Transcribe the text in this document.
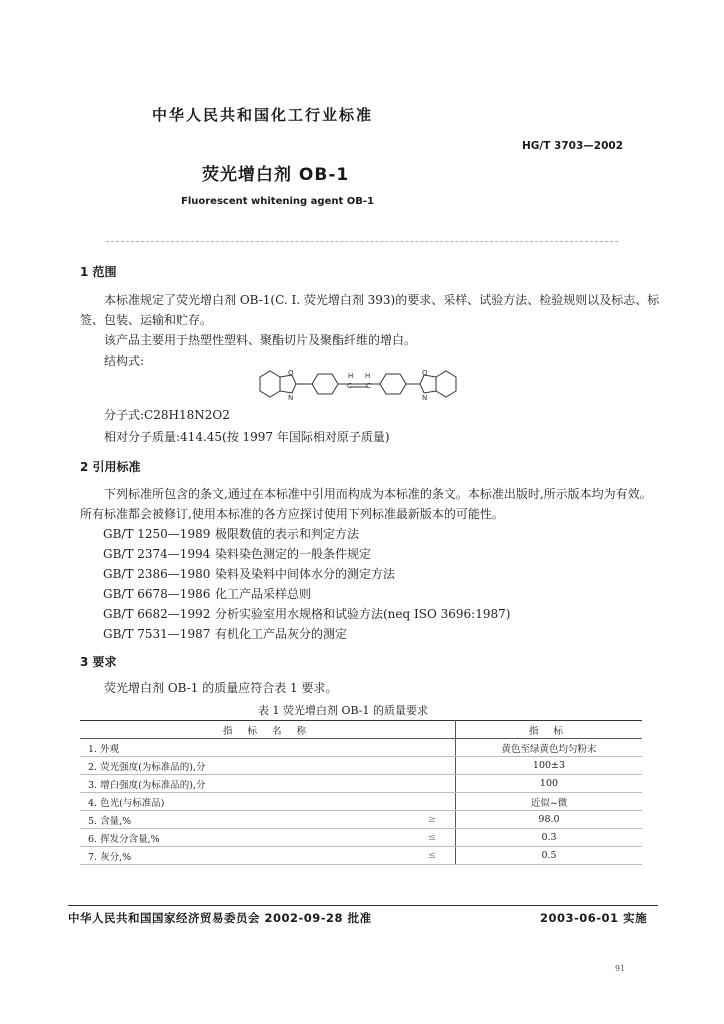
中华人民共和国化工行业标准
HG/T 3703—2002
荧光增白剂 OB-1
Fluorescent whitening agent OB-1
1 范围
本标准规定了荧光增白剂 OB-1(C. I. 荧光增白剂 393)的要求、采样、试验方法、检验规则以及标志、标签、包装、运输和贮存。
该产品主要用于热塑性塑料、聚酯切片及聚酯纤维的增白。
结构式:
O
N
H H
C C
O
N
分子式:C28H18N2O2
相对分子质量:414.45(按 1997 年国际相对原子质量)
2 引用标准
下列标准所包含的条文,通过在本标准中引用而构成为本标准的条文。本标准出版时,所示版本均为有效。所有标准都会被修订,使用本标准的各方应探讨使用下列标准最新版本的可能性。
GB/T 1250—1989 极限数值的表示和判定方法
GB/T 2374—1994 染料染色测定的一般条件规定
GB/T 2386—1980 染料及染料中间体水分的测定方法
GB/T 6678—1986 化工产品采样总则
GB/T 6682—1992 分析实验室用水规格和试验方法(neq ISO 3696:1987)
GB/T 7531—1987 有机化工产品灰分的测定
3 要求
荧光增白剂 OB-1 的质量应符合表 1 要求。
表 1 荧光增白剂 OB-1 的质量要求
指 标 名 称		指 标
1. 外观		黄色至绿黄色均匀粉末
2. 荧光强度(为标准品的),分		100±3
3. 增白强度(为标准品的),分		100
4. 色光(与标准品)		近似~微
5. 含量,%	≥	98.0
6. 挥发分含量,%	≤	0.3
7. 灰分,%	≤	0.5
中华人民共和国国家经济贸易委员会 2002-09-28 批准	2003-06-01 实施
91
